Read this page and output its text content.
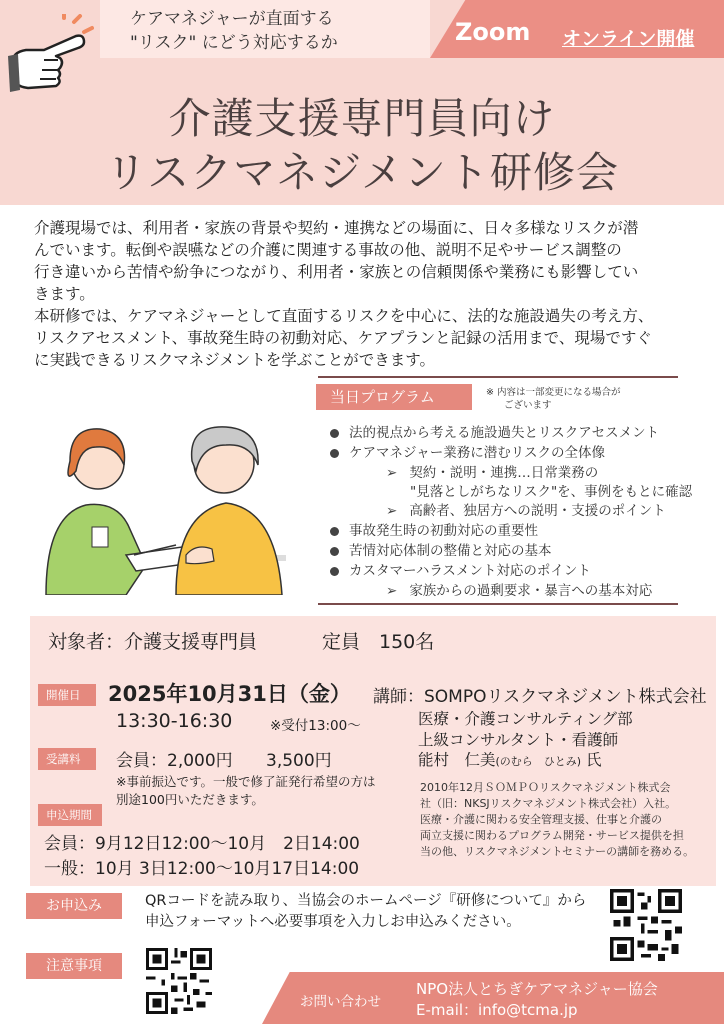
ケアマネジャーが直面する
"リスク" にどう対応するか	Zoom オンライン開催
介護支援専門員向け
リスクマネジメント研修会
介護現場では、利用者・家族の背景や契約・連携などの場面に、日々多様なリスクが潜
んでいます。転倒や誤嚥などの介護に関連する事故の他、説明不足やサービス調整の
行き違いから苦情や紛争につながり、利用者・家族との信頼関係や業務にも影響してい
きます。
本研修では、ケアマネジャーとして直面するリスクを中心に、法的な施設過失の考え方、
リスクアセスメント、事故発生時の初動対応、ケアプランと記録の活用まで、現場ですぐ
に実践できるリスクマネジメントを学ぶことができます。
当日プログラム	※ 内容は一部変更になる場合が
ございます
法的視点から考える施設過失とリスクアセスメント
ケアマネジャー業務に潜むリスクの全体像
➢ 契約・説明・連携…日常業務の
"見落としがちなリスク"を、事例をもとに確認
➢ 高齢者、独居方への説明・支援のポイント
事故発生時の初動対応の重要性
苦情対応体制の整備と対応の基本
カスタマーハラスメント対応のポイント
➢ 家族からの過剰要求・暴言への基本対応
対象者：介護支援専門員	定員　150名
開催日	2025年10月31日（金）
13:30-16:30	※受付13:00～
受講料	会員：2,000円 3,500円
※事前振込です。一般で修了証発行希望の方は
別途100円いただきます。
申込期間
会員：9月12日12:00～10月　2日14:00
一般：10月 3日12:00～10月17日14:00
講師：SOMPOリスクマネジメント株式会社
医療・介護コンサルティング部
上級コンサルタント・看護師
能村　仁美(のむら　ひとみ) 氏
2010年12月ＳＯＭＰＯリスクマネジメント株式会
社（旧：NKSJリスクマネジメント株式会社）入社。
医療・介護に関わる安全管理支援、仕事と介護の
両立支援に関わるプログラム開発・サービス提供を担
当の他、リスクマネジメントセミナーの講師を務める。
お申込み	QRコードを読み取り、当協会のホームページ『研修について』から
申込フォーマットへ必要事項を入力しお申込みください。
注意事項
お問い合わせ
NPO法人とちぎケアマネジャー協会
E-mail：info@tcma.jp
